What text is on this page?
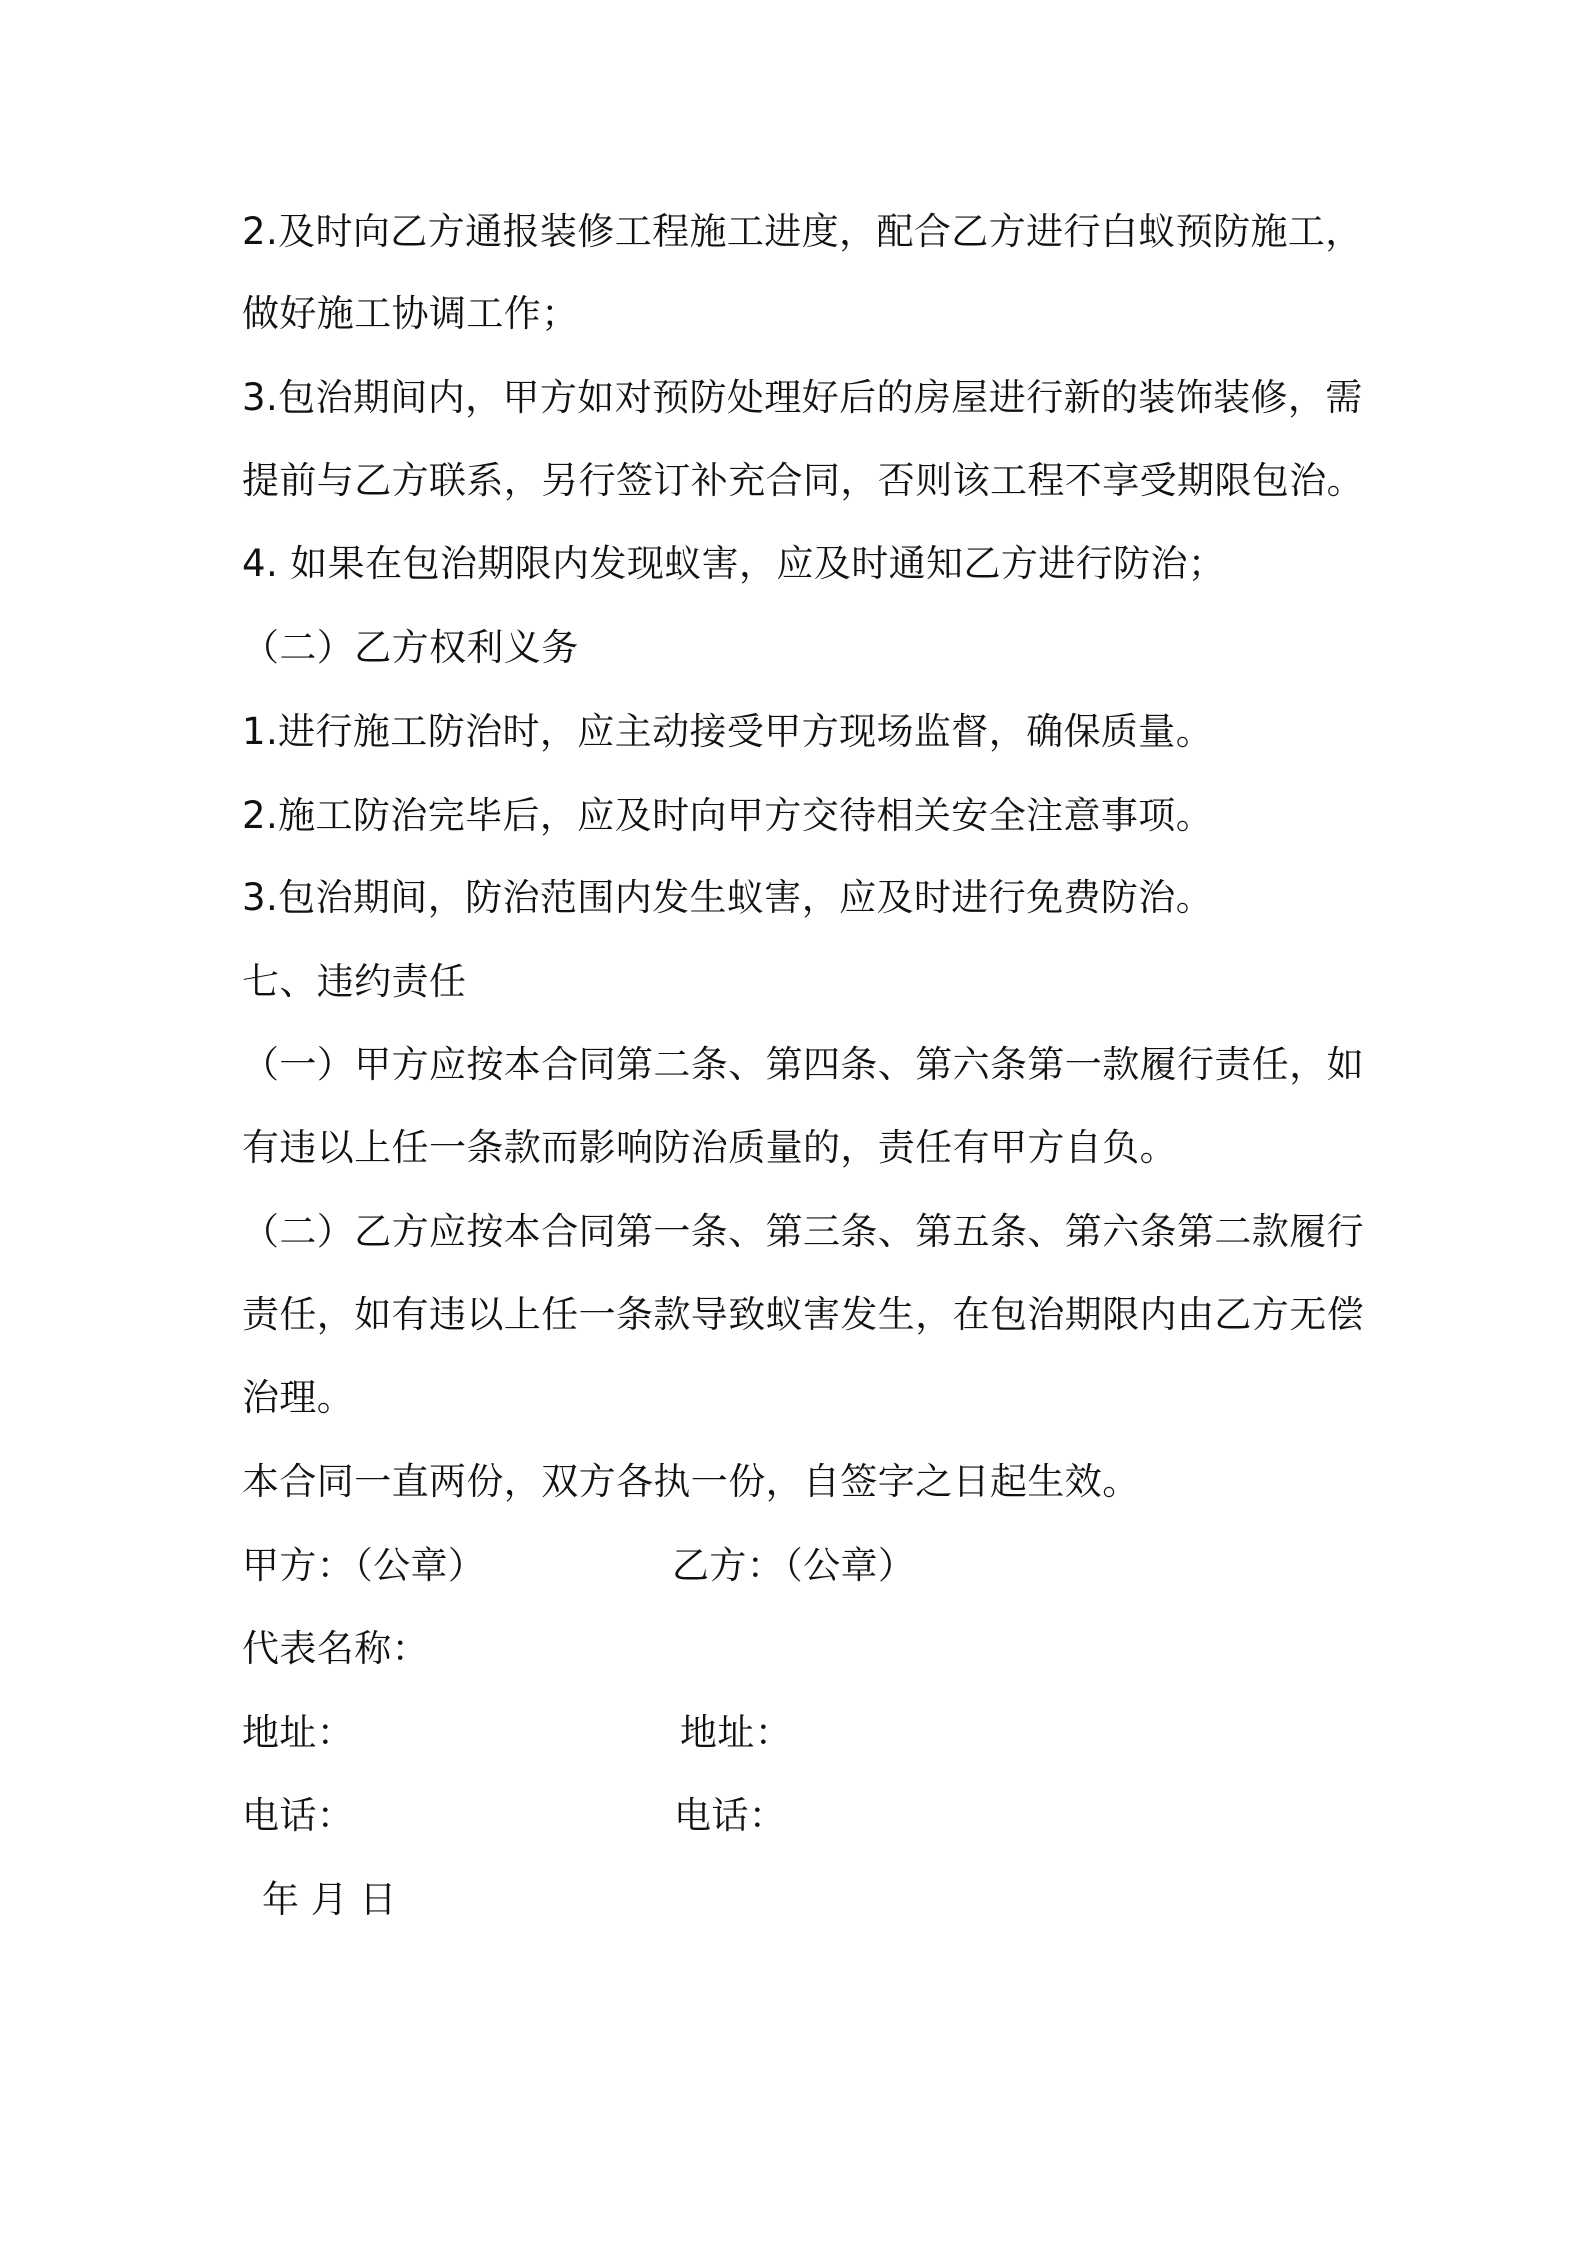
2.及时向乙方通报装修工程施工进度，配合乙方进行白蚁预防施工，
做好施工协调工作；
3.包治期间内，甲方如对预防处理好后的房屋进行新的装饰装修，需
提前与乙方联系，另行签订补充合同，否则该工程不享受期限包治。
4. 如果在包治期限内发现蚁害，应及时通知乙方进行防治；
（二）乙方权利义务
1.进行施工防治时，应主动接受甲方现场监督，确保质量。
2.施工防治完毕后，应及时向甲方交待相关安全注意事项。
3.包治期间，防治范围内发生蚁害，应及时进行免费防治。
七、违约责任
（一）甲方应按本合同第二条、第四条、第六条第一款履行责任，如
有违以上任一条款而影响防治质量的，责任有甲方自负。
（二）乙方应按本合同第一条、第三条、第五条、第六条第二款履行
责任，如有违以上任一条款导致蚁害发生，在包治期限内由乙方无偿
治理。
本合同一直两份，双方各执一份，自签字之日起生效。
甲方：（公章）	乙方：（公章）
代表名称：
地址：	地址：
电话：	电话：
年 月 日
